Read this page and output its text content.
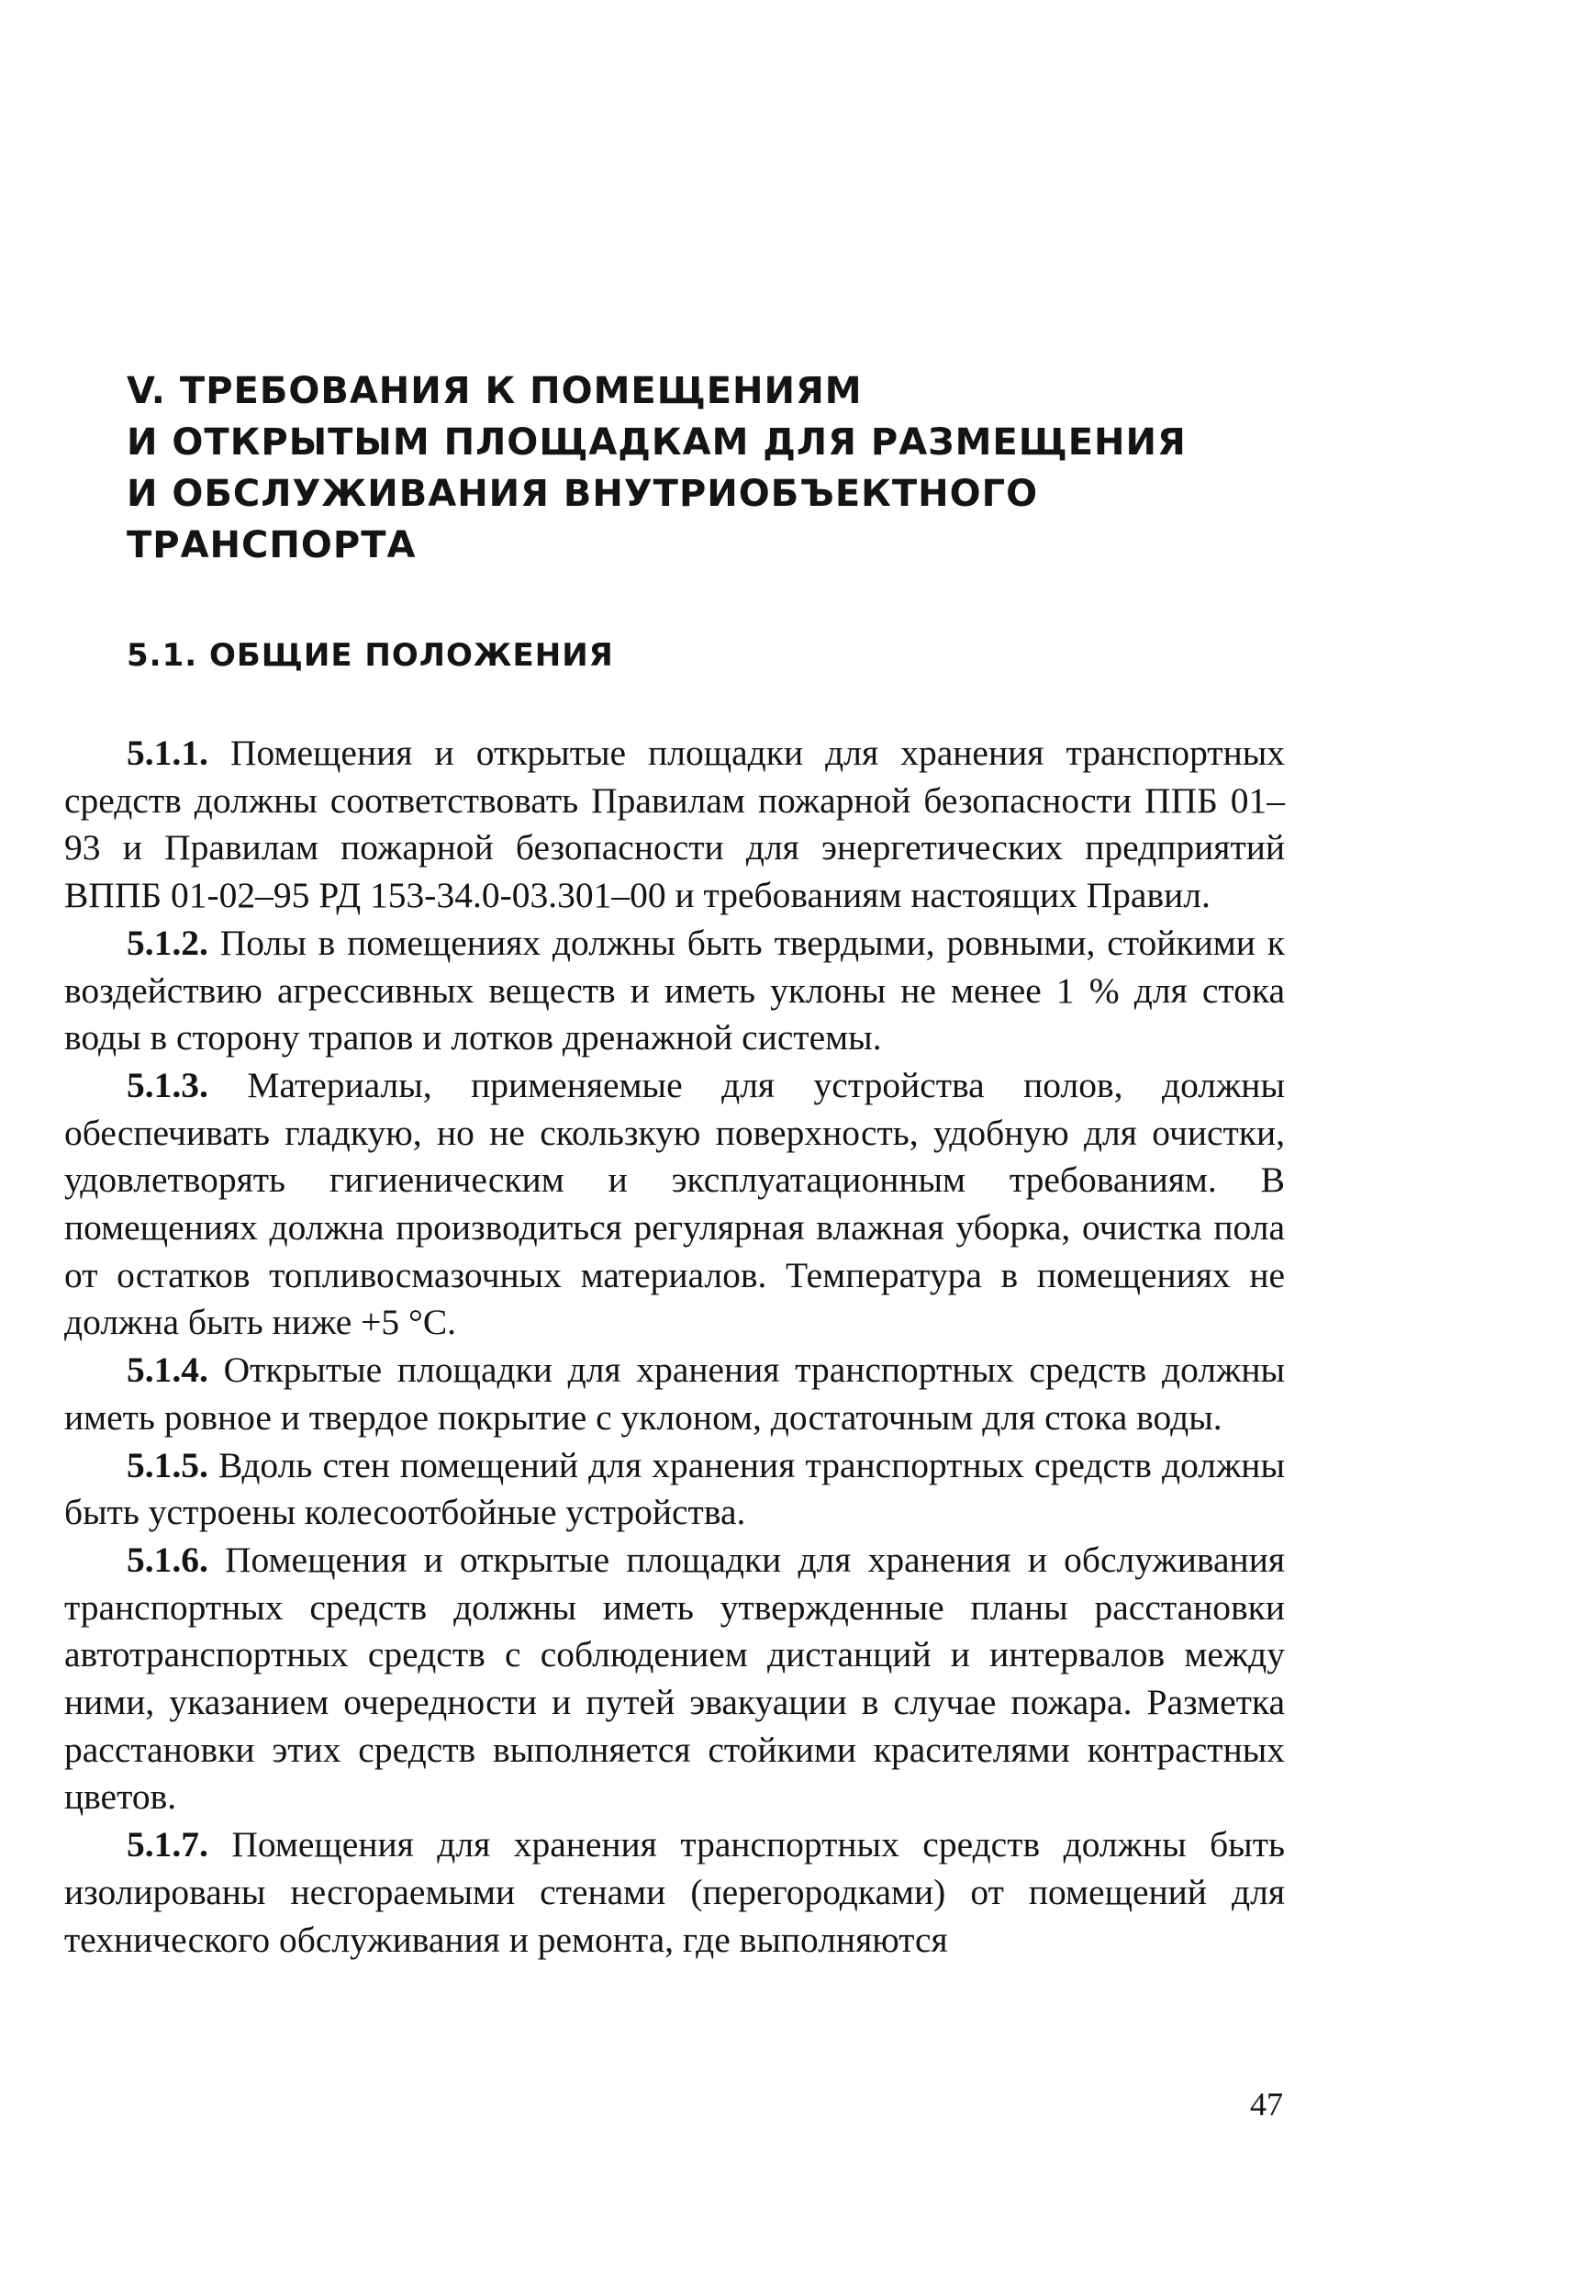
V. ТРЕБОВАНИЯ К ПОМЕЩЕНИЯМ
И ОТКРЫТЫМ ПЛОЩАДКАМ ДЛЯ РАЗМЕЩЕНИЯ
И ОБСЛУЖИВАНИЯ ВНУТРИОБЪЕКТНОГО
ТРАНСПОРТА
5.1. ОБЩИЕ ПОЛОЖЕНИЯ

5.1.1. Помещения и открытые площадки для хранения транспортных средств должны соответствовать Правилам пожарной безопасности ППБ 01–93 и Правилам пожарной безопасности для энергетических предприятий ВППБ 01-02–95 РД 153-34.0-03.301–00 и требованиям настоящих Правил.

5.1.2. Полы в помещениях должны быть твердыми, ровными, стойкими к воздействию агрессивных веществ и иметь уклоны не менее 1 % для стока воды в сторону трапов и лотков дренажной системы.

5.1.3. Материалы, применяемые для устройства полов, должны обеспечивать гладкую, но не скользкую поверхность, удобную для очистки, удовлетворять гигиеническим и эксплуатационным требованиям. В помещениях должна производиться регулярная влажная уборка, очистка пола от остатков топливосмазочных материалов. Температура в помещениях не должна быть ниже +5 °С.

5.1.4. Открытые площадки для хранения транспортных средств должны иметь ровное и твердое покрытие с уклоном, достаточным для стока воды.

5.1.5. Вдоль стен помещений для хранения транспортных средств должны быть устроены колесоотбойные устройства.

5.1.6. Помещения и открытые площадки для хранения и обслуживания транспортных средств должны иметь утвержденные планы расстановки автотранспортных средств с соблюдением дистанций и интервалов между ними, указанием очередности и путей эвакуации в случае пожара. Разметка расстановки этих средств выполняется стойкими красителями контрастных цветов.

5.1.7. Помещения для хранения транспортных средств должны быть изолированы несгораемыми стенами (перегородками) от помещений для технического обслуживания и ремонта, где выполняются

47
